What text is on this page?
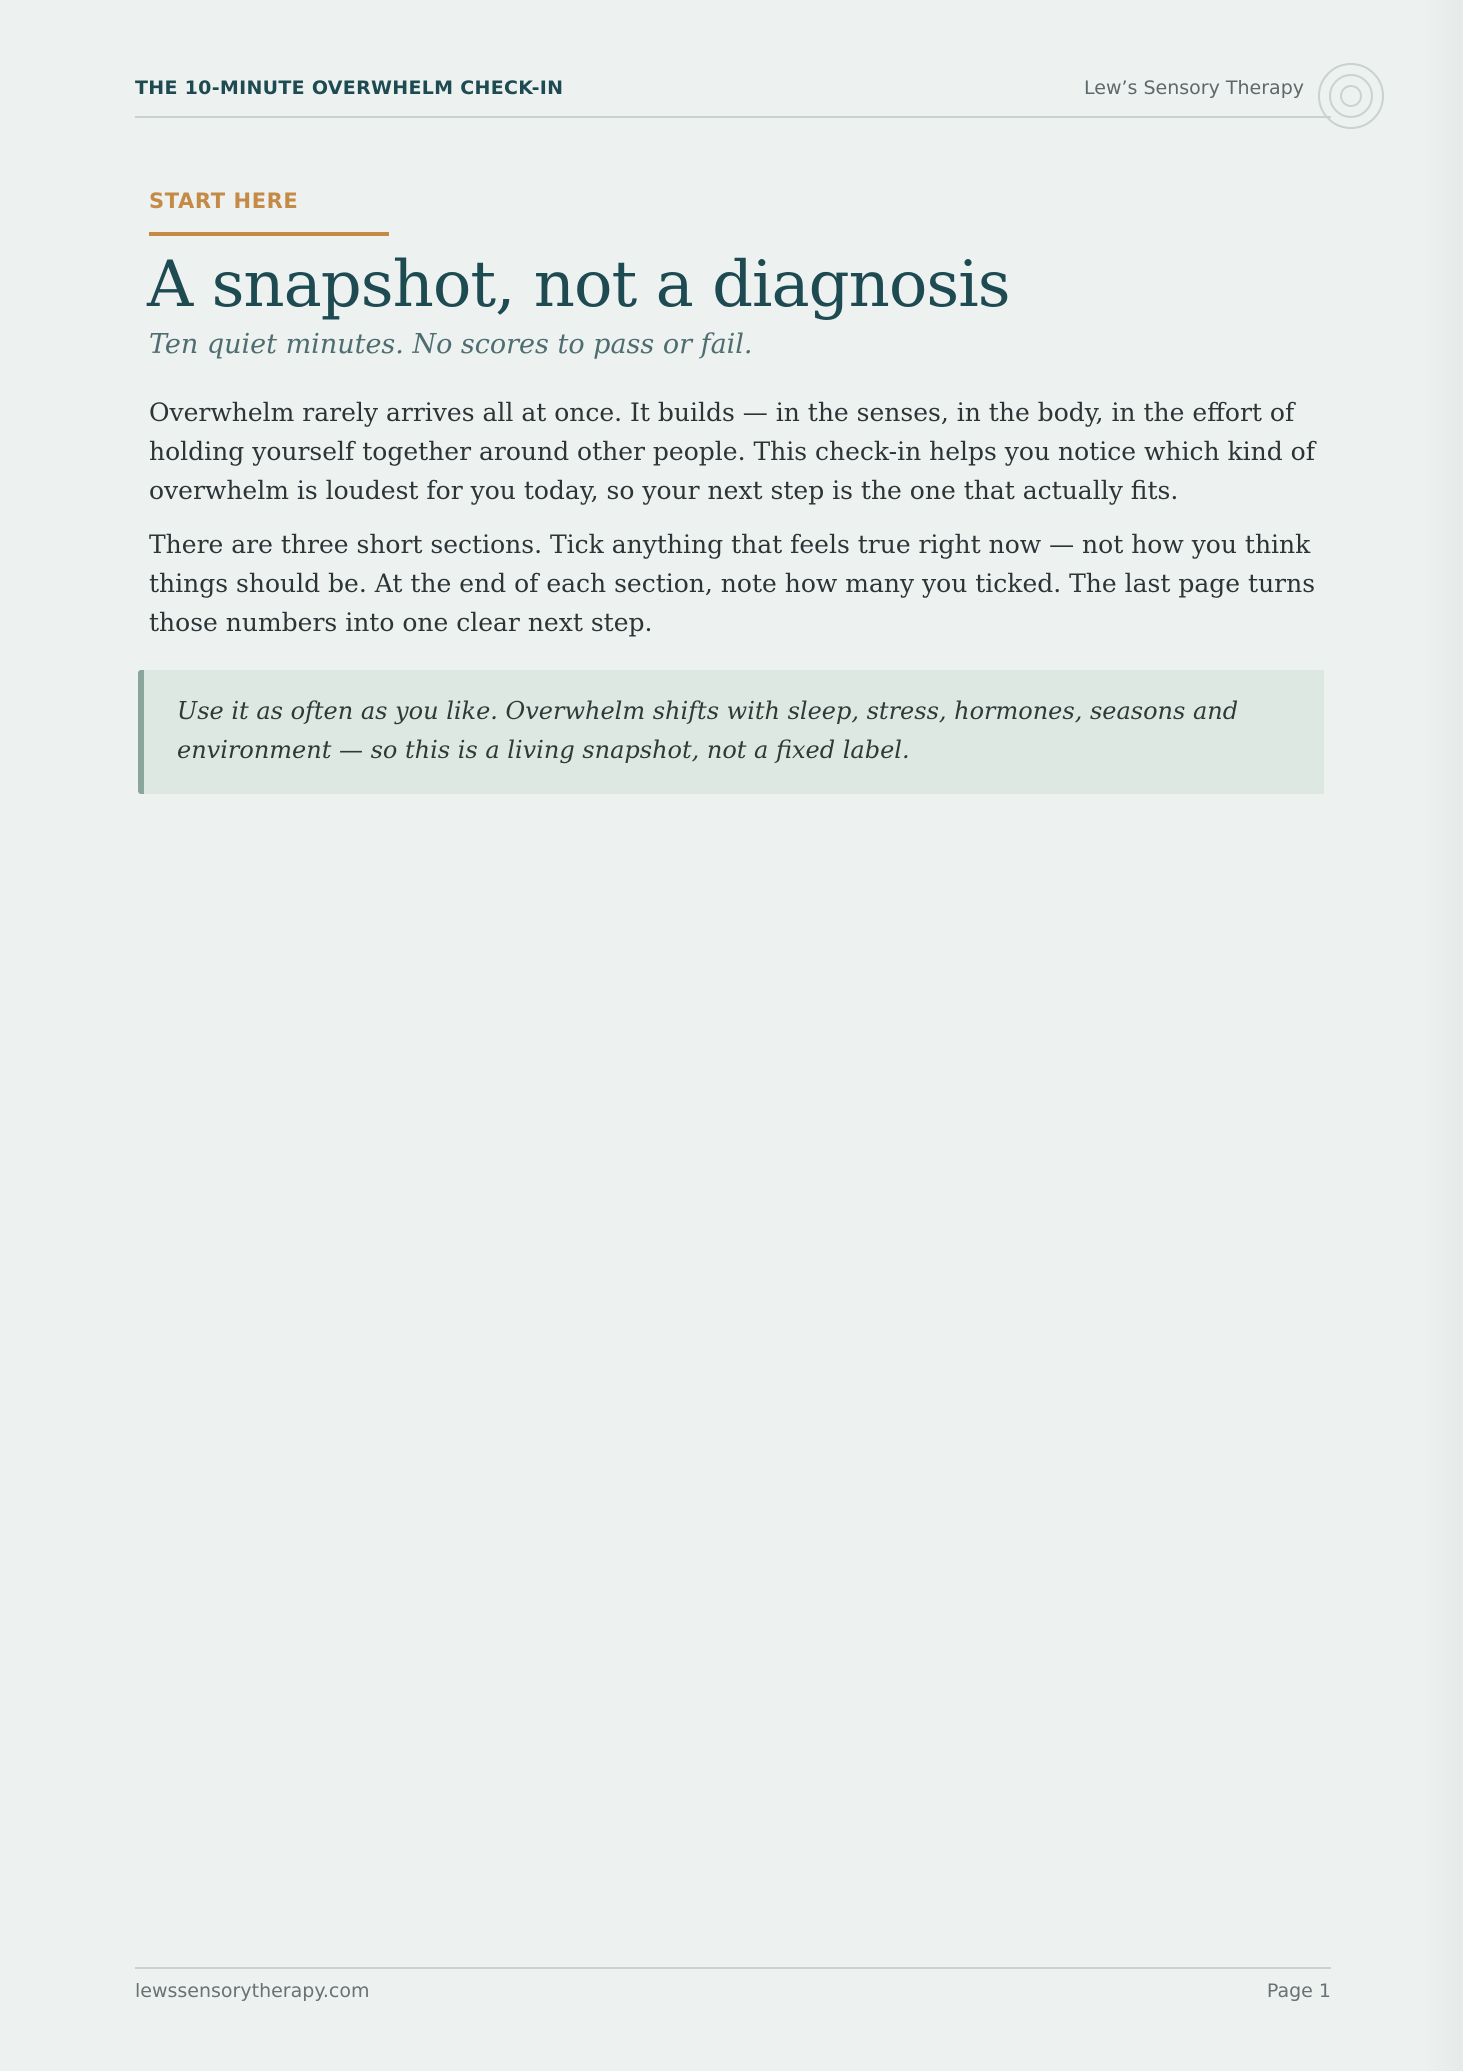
THE 10-MINUTE OVERWHELM CHECK-IN	Lew’s Sensory Therapy
START HERE
A snapshot, not a diagnosis
Ten quiet minutes. No scores to pass or fail.

Overwhelm rarely arrives all at once. It builds — in the senses, in the body, in the effort of holding yourself together around other people. This check-in helps you notice which kind of overwhelm is loudest for you today, so your next step is the one that actually fits.

There are three short sections. Tick anything that feels true right now — not how you think things should be. At the end of each section, note how many you ticked. The last page turns those numbers into one clear next step.

Use it as often as you like. Overwhelm shifts with sleep, stress, hormones, seasons and environment — so this is a living snapshot, not a fixed label.

lewssensorytherapy.com	Page 1
